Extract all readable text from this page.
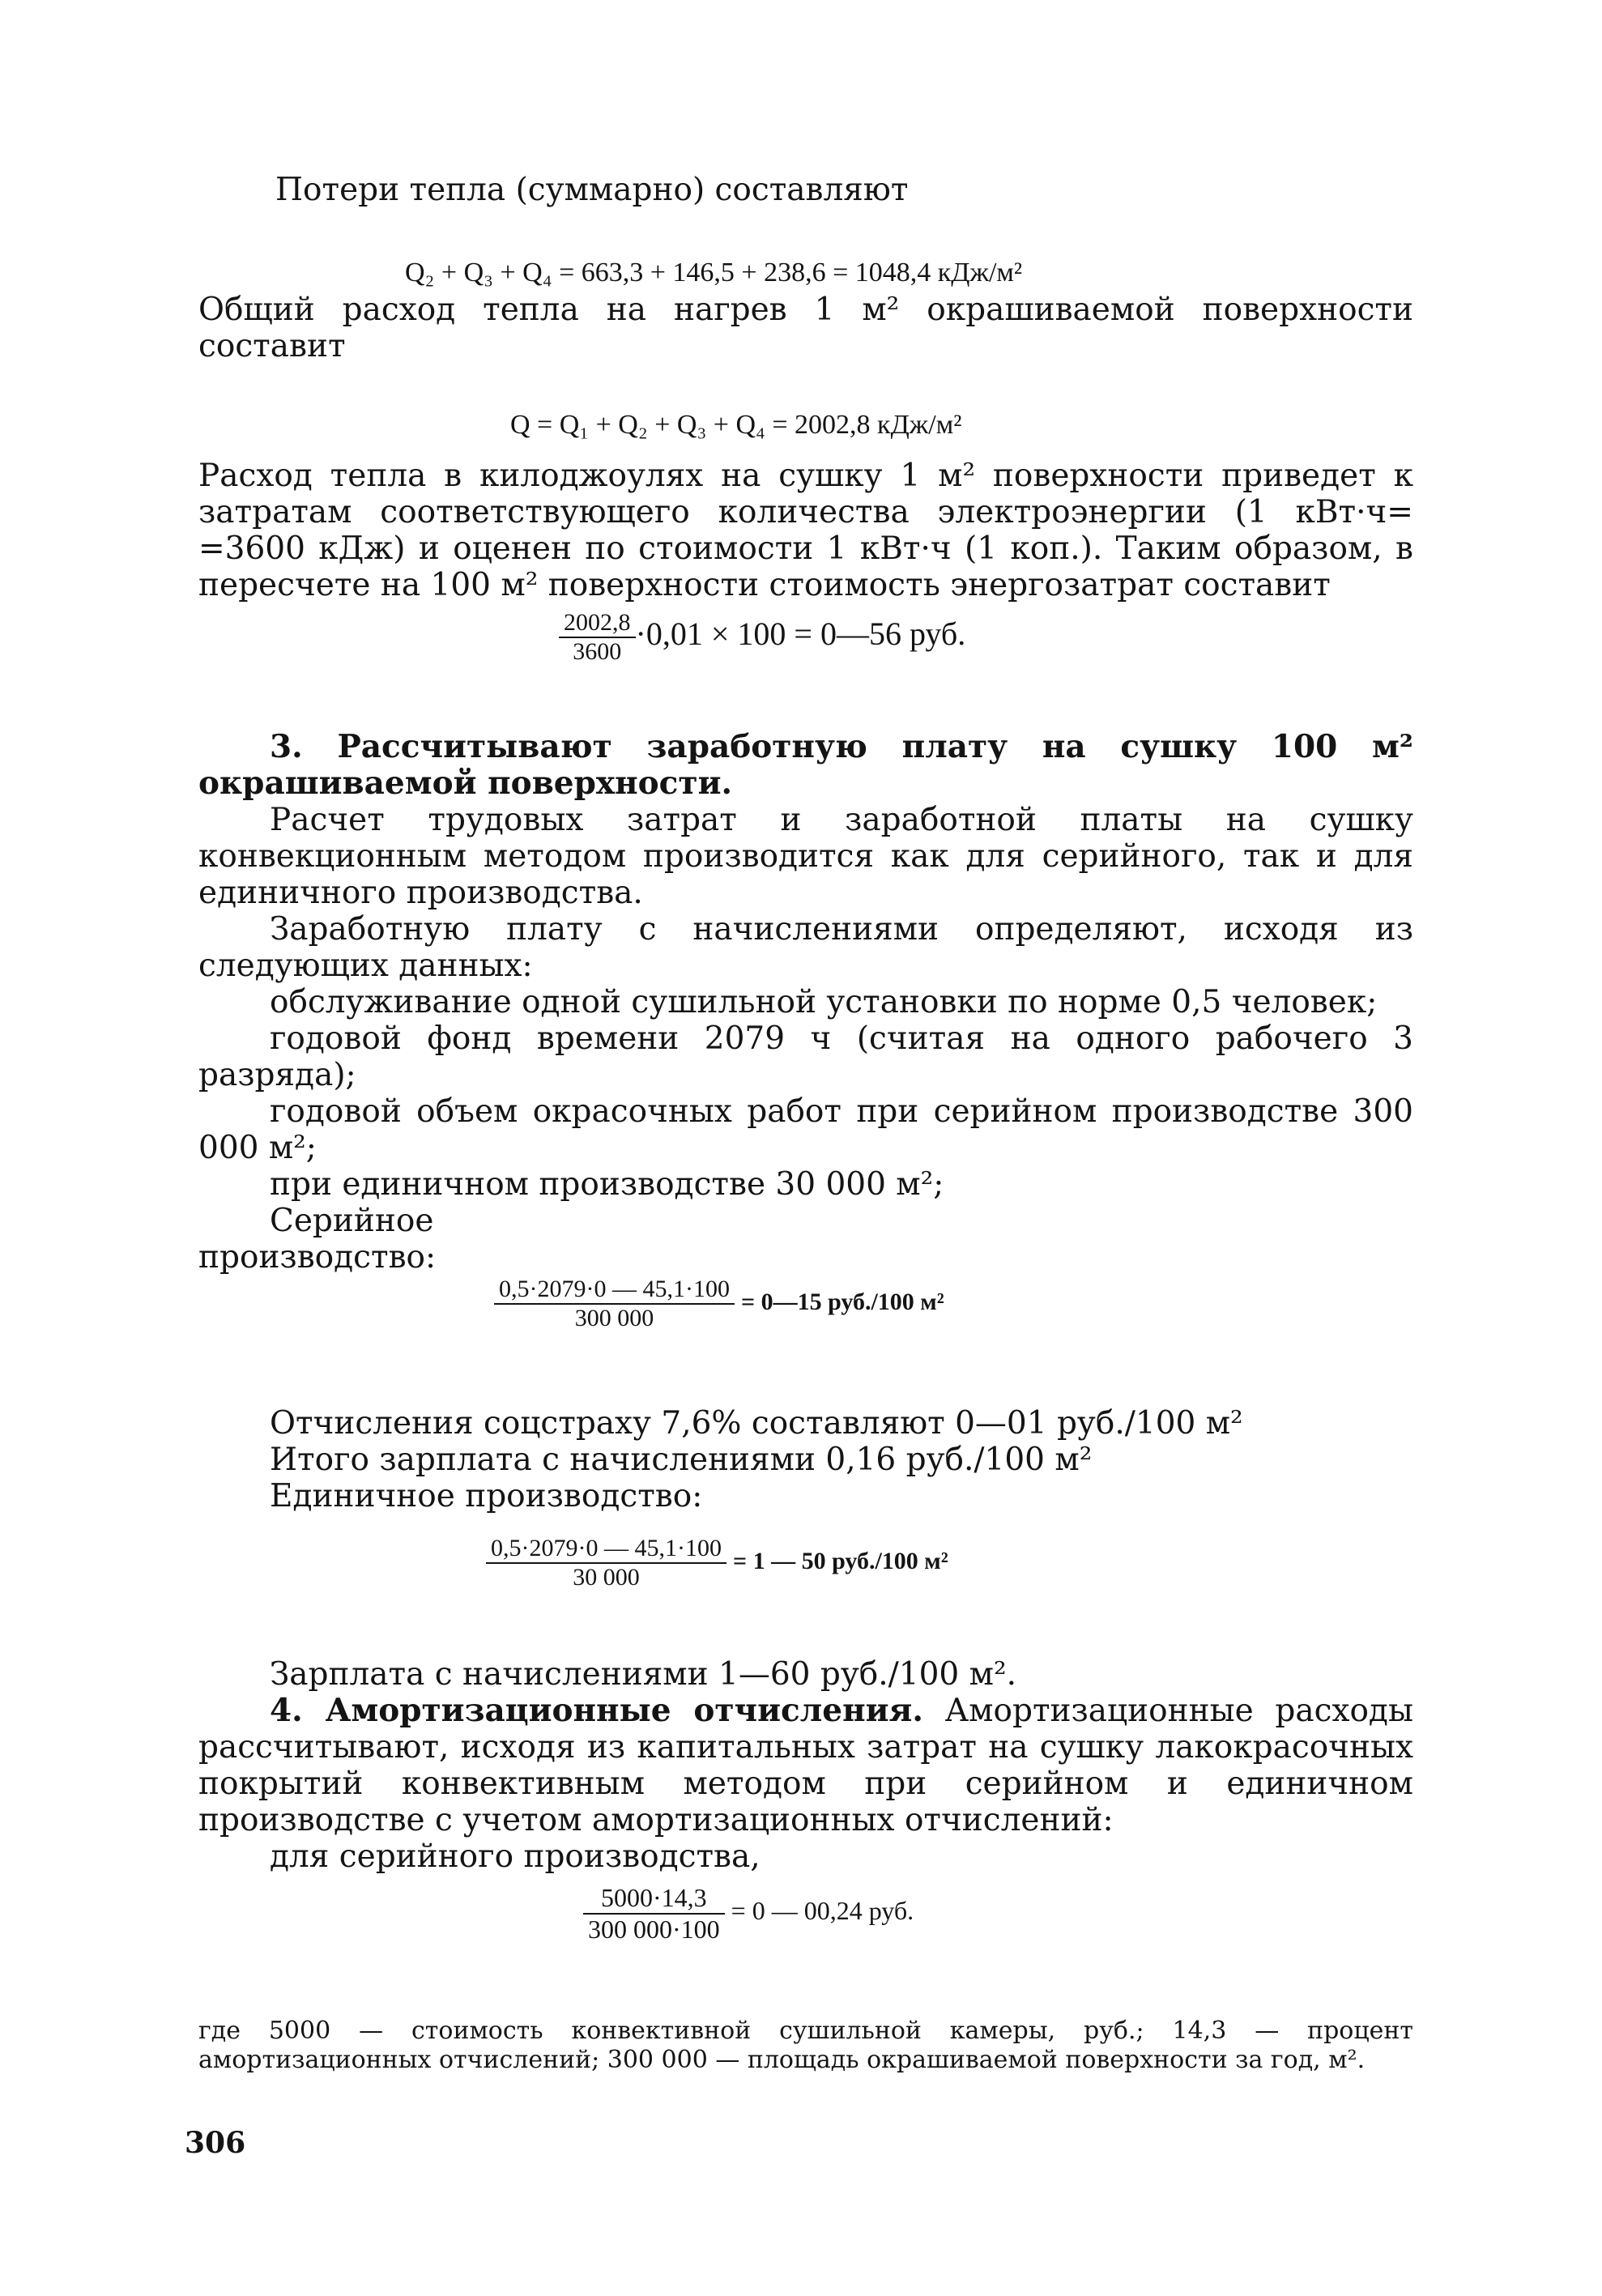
Потери тепла (суммарно) составляют

Q₂ + Q₃ + Q₄ = 663,3 + 146,5 + 238,6 = 1048,4 кДж/м²

Общий расход тепла на нагрев 1 м² окрашиваемой поверхности составит

Q = Q₁ + Q₂ + Q₃ + Q₄ = 2002,8 кДж/м²

Расход тепла в килоджоулях на сушку 1 м² поверхности приведет к затратам соответствующего количества электроэнергии (1 кВт·ч= =3600 кДж) и оценен по стоимости 1 кВт·ч (1 коп.). Таким образом, в пересчете на 100 м² поверхности стоимость энергозатрат составит

$\frac{2002,8}{3600} \cdot 0,01 \times 100$ = 0—56 руб.

3. Рассчитывают заработную плату на сушку 100 м² окрашиваемой поверхности.

Расчет трудовых затрат и заработной платы на сушку конвекционным методом производится как для серийного, так и для единичного производства.

Заработную плату с начислениями определяют, исходя из следующих данных:

обслуживание одной сушильной установки по норме 0,5 человек;

годовой фонд времени 2079 ч (считая на одного рабочего 3 разряда);

годовой объем окрасочных работ при серийном производстве 300 000 м²;

при единичном производстве 30 000 м²;

Серийное

производство:

$\frac{0,5\cdot 2079\cdot 0 — 45,1\cdot 100}{300 000}$ = 0—15 руб./100 м²

Отчисления соцстраху 7,6% составляют 0—01 руб./100 м²

Итого зарплата с начислениями 0,16 руб./100 м²

Единичное производство:

$\frac{0,5\cdot 2079\cdot 0 — 45,1\cdot 100}{30 000} = 1$ — 50 руб./100 м²

Зарплата с начислениями 1—60 руб./100 м².

4. Амортизационные отчисления. Амортизационные расходы рассчитывают, исходя из капитальных затрат на сушку лакокрасочных покрытий конвективным методом при серийном и единичном производстве с учетом амортизационных отчислений:

для серийного производства,

$\frac{5000\cdot 14,3}{300 000\cdot 100} = 0$ — 00,24 руб.

где 5000 — стоимость конвективной сушильной камеры, руб.; 14,3 — процент амортизационных отчислений; 300 000 — площадь окрашиваемой поверхности за год, м².

306
